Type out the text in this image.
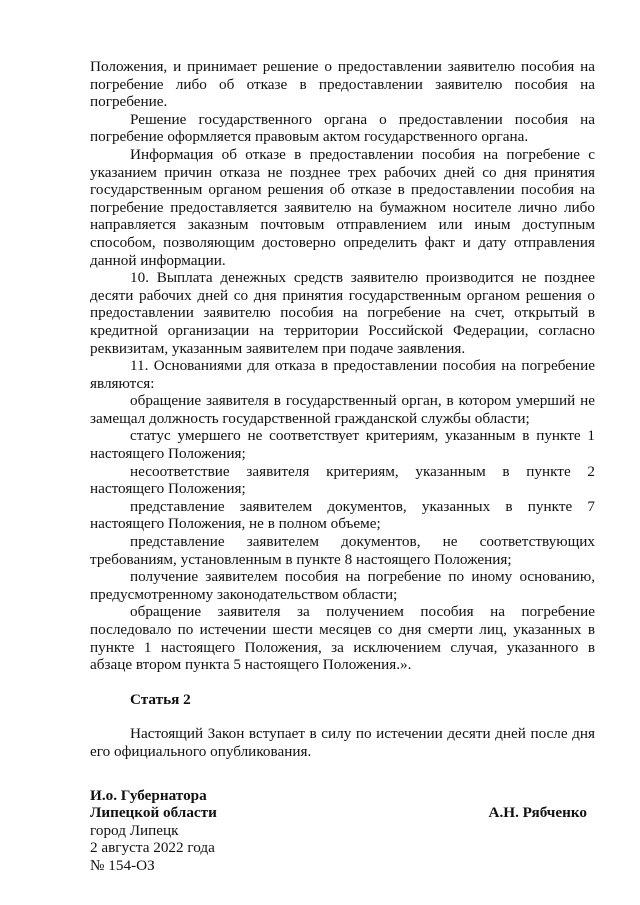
Положения, и принимает решение о предоставлении заявителю пособия на погребение либо об отказе в предоставлении заявителю пособия на погребение.

Решение государственного органа о предоставлении пособия на погребение оформляется правовым актом государственного органа.

Информация об отказе в предоставлении пособия на погребение с указанием причин отказа не позднее трех рабочих дней со дня принятия государственным органом решения об отказе в предоставлении пособия на погребение предоставляется заявителю на бумажном носителе лично либо направляется заказным почтовым отправлением или иным доступным способом, позволяющим достоверно определить факт и дату отправления данной информации.

10. Выплата денежных средств заявителю производится не позднее десяти рабочих дней со дня принятия государственным органом решения о предоставлении заявителю пособия на погребение на счет, открытый в кредитной организации на территории Российской Федерации, согласно реквизитам, указанным заявителем при подаче заявления.

11. Основаниями для отказа в предоставлении пособия на погребение являются:

обращение заявителя в государственный орган, в котором умерший не замещал должность государственной гражданской службы области;

статус умершего не соответствует критериям, указанным в пункте 1 настоящего Положения;

несоответствие заявителя критериям, указанным в пункте 2 настоящего Положения;

представление заявителем документов, указанных в пункте 7 настоящего Положения, не в полном объеме;

представление заявителем документов, не соответствующих требованиям, установленным в пункте 8 настоящего Положения;

получение заявителем пособия на погребение по иному основанию, предусмотренному законодательством области;

обращение заявителя за получением пособия на погребение последовало по истечении шести месяцев со дня смерти лиц, указанных в пункте 1 настоящего Положения, за исключением случая, указанного в абзаце втором пункта 5 настоящего Положения.».

Статья 2

Настоящий Закон вступает в силу по истечении десяти дней после дня его официального опубликования.

И.о. Губернатора

Липецкой области	А.Н. Рябченко

город Липецк

2 августа 2022 года

№ 154-ОЗ
